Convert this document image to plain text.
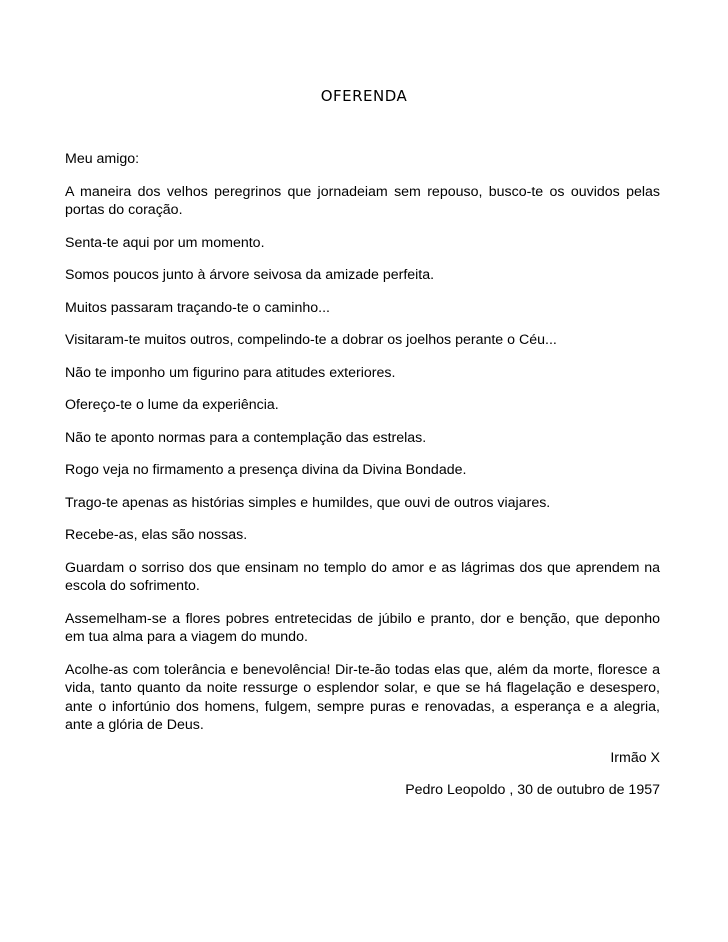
OFERENDA

Meu amigo:

A maneira dos velhos peregrinos que jornadeiam sem repouso, busco-te os ouvidos pelas portas do coração.

Senta-te aqui por um momento.

Somos poucos junto à árvore seivosa da amizade perfeita.

Muitos passaram traçando-te o caminho...

Visitaram-te muitos outros, compelindo-te a dobrar os joelhos perante o Céu...

Não te imponho um figurino para atitudes exteriores.

Ofereço-te o lume da experiência.

Não te aponto normas para a contemplação das estrelas.

Rogo veja no firmamento a presença divina da Divina Bondade.

Trago-te apenas as histórias simples e humildes, que ouvi de outros viajares.

Recebe-as, elas são nossas.

Guardam o sorriso dos que ensinam no templo do amor e as lágrimas dos que aprendem na escola do sofrimento.

Assemelham-se a flores pobres entretecidas de júbilo e pranto, dor e benção, que deponho em tua alma para a viagem do mundo.

Acolhe-as com tolerância e benevolência! Dir-te-ão todas elas que, além da morte, floresce a vida, tanto quanto da noite ressurge o esplendor solar, e que se há flagelação e desespero, ante o infortúnio dos homens, fulgem, sempre puras e renovadas, a esperança e a alegria, ante a glória de Deus.

Irmão X
Pedro Leopoldo , 30 de outubro de 1957
